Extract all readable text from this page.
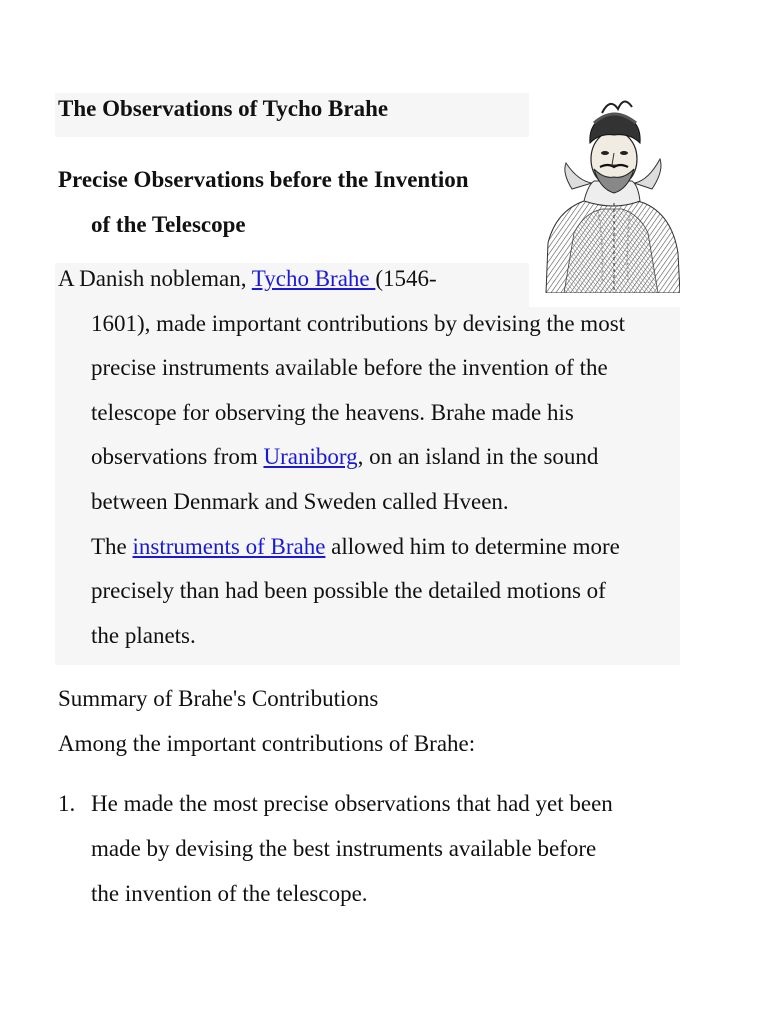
The Observations of Tycho Brahe
Precise Observations before the Invention
of the Telescope
A Danish nobleman, Tycho Brahe (1546-
1601), made important contributions by devising the most
precise instruments available before the invention of the
telescope for observing the heavens. Brahe made his
observations from Uraniborg, on an island in the sound
between Denmark and Sweden called Hveen.
The instruments of Brahe allowed him to determine more
precisely than had been possible the detailed motions of
the planets.
Summary of Brahe's Contributions
Among the important contributions of Brahe:
1. He made the most precise observations that had yet been
made by devising the best instruments available before
the invention of the telescope.
